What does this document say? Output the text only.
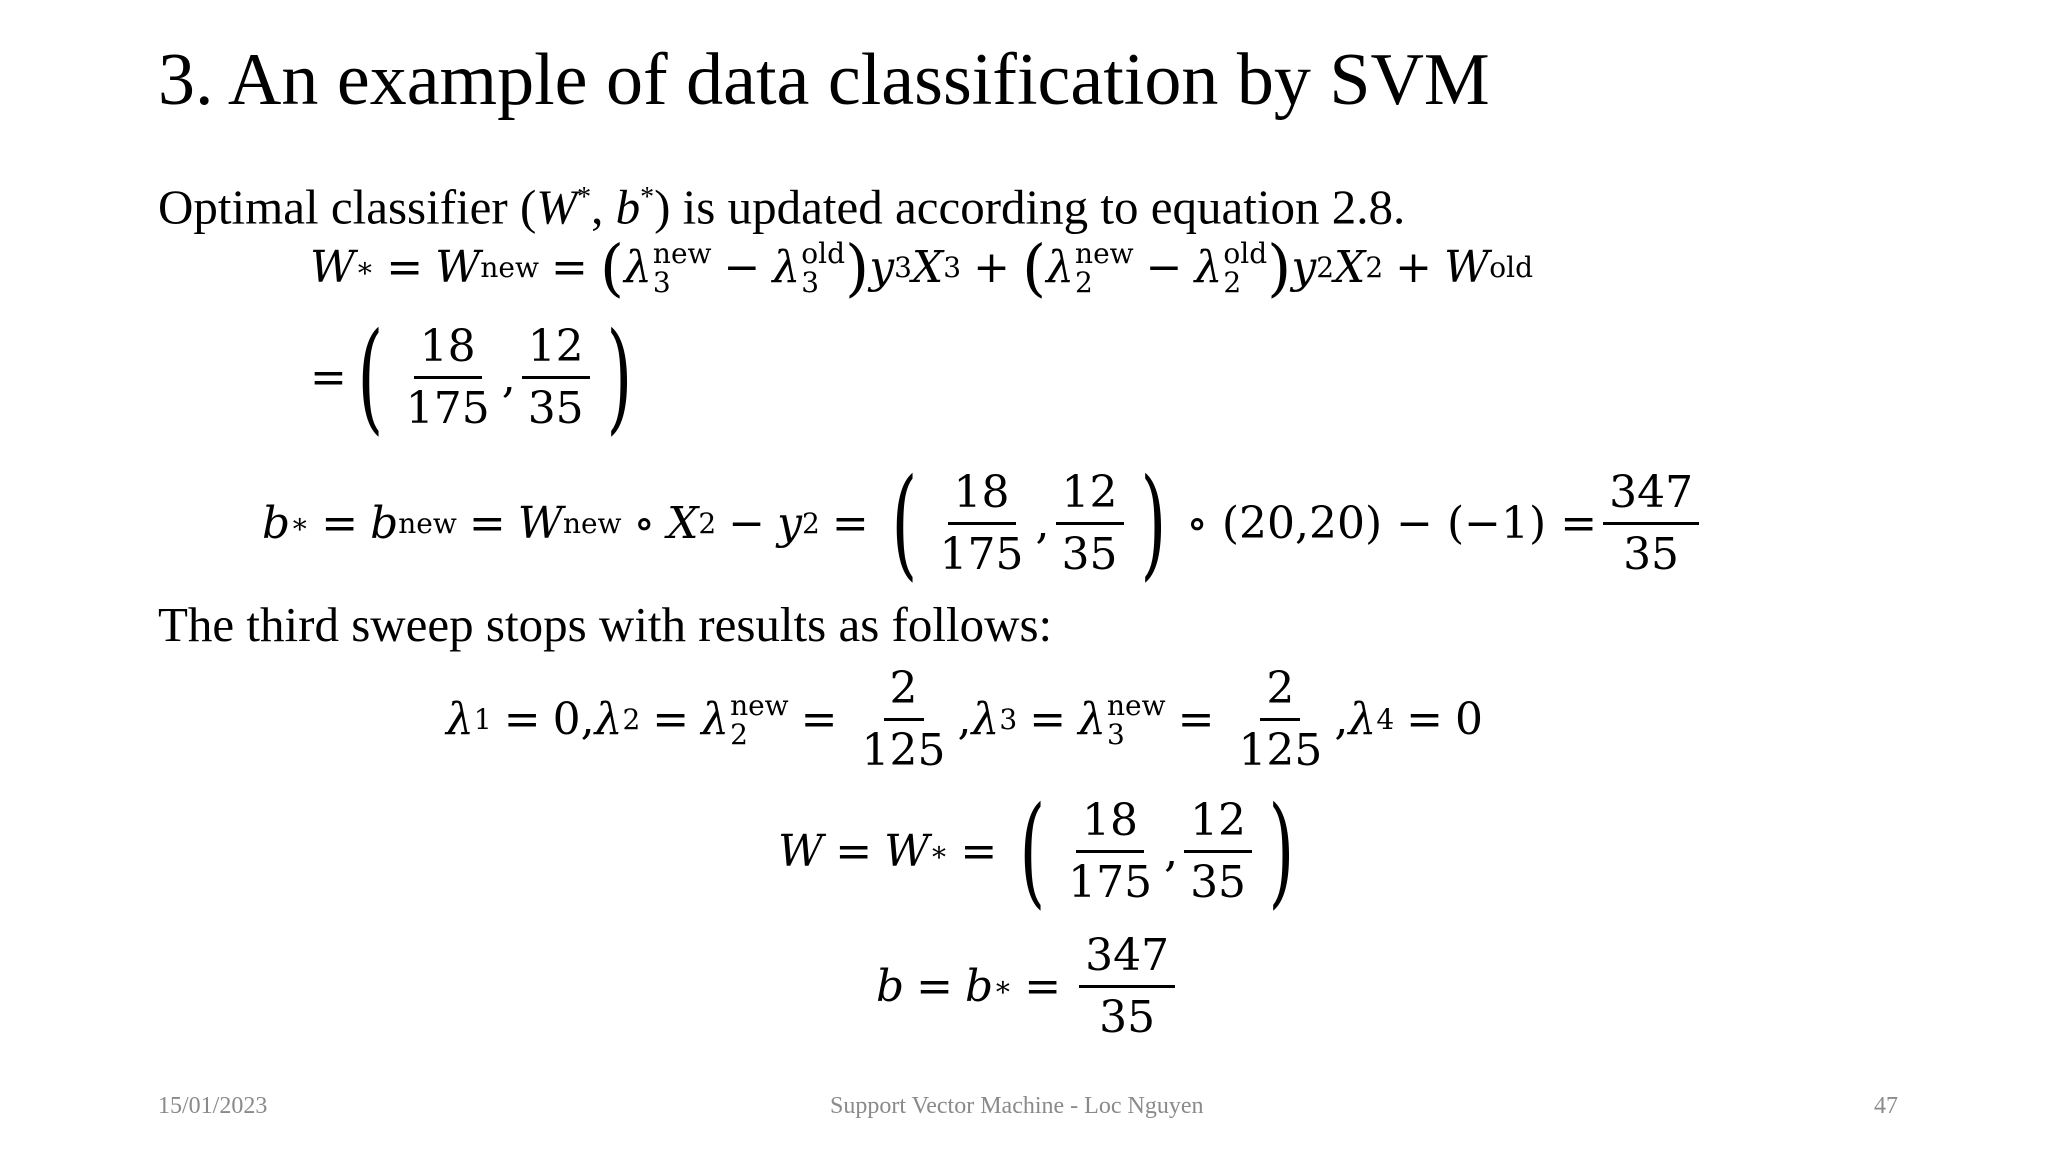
3. An example of data classification by SVM
Optimal classifier (W*, b*) is updated according to equation 2.8.
W ∗ = W new = ( λ new
3	− λ old
3 ) y 3 X 3 + ( λ new
2	− λ old
2 ) y 2 X 2 + W old
= ( $\frac{18}{175}$ , $\frac{12}{35}$ )
b ∗ = b new = W new ∘ X 2 − y 2 = ( $\frac{18}{175}$ , $\frac{12}{35}$ ) ∘ $(20,20) - (-1) = \frac{347}{35}$
The third sweep stops with results as follows:
λ 1 = 0, λ 2 = λ new
2	= $\frac{2}{125}$ , λ 3 = λ new
3	= $\frac{2}{125}$ , λ 4 = 0
W = W ∗ = ( $\frac{18}{175}$ , $\frac{12}{35}$ )
b = b ∗ = $\frac{347}{35}$
15/01/2023	Support Vector Machine - Loc Nguyen	47
